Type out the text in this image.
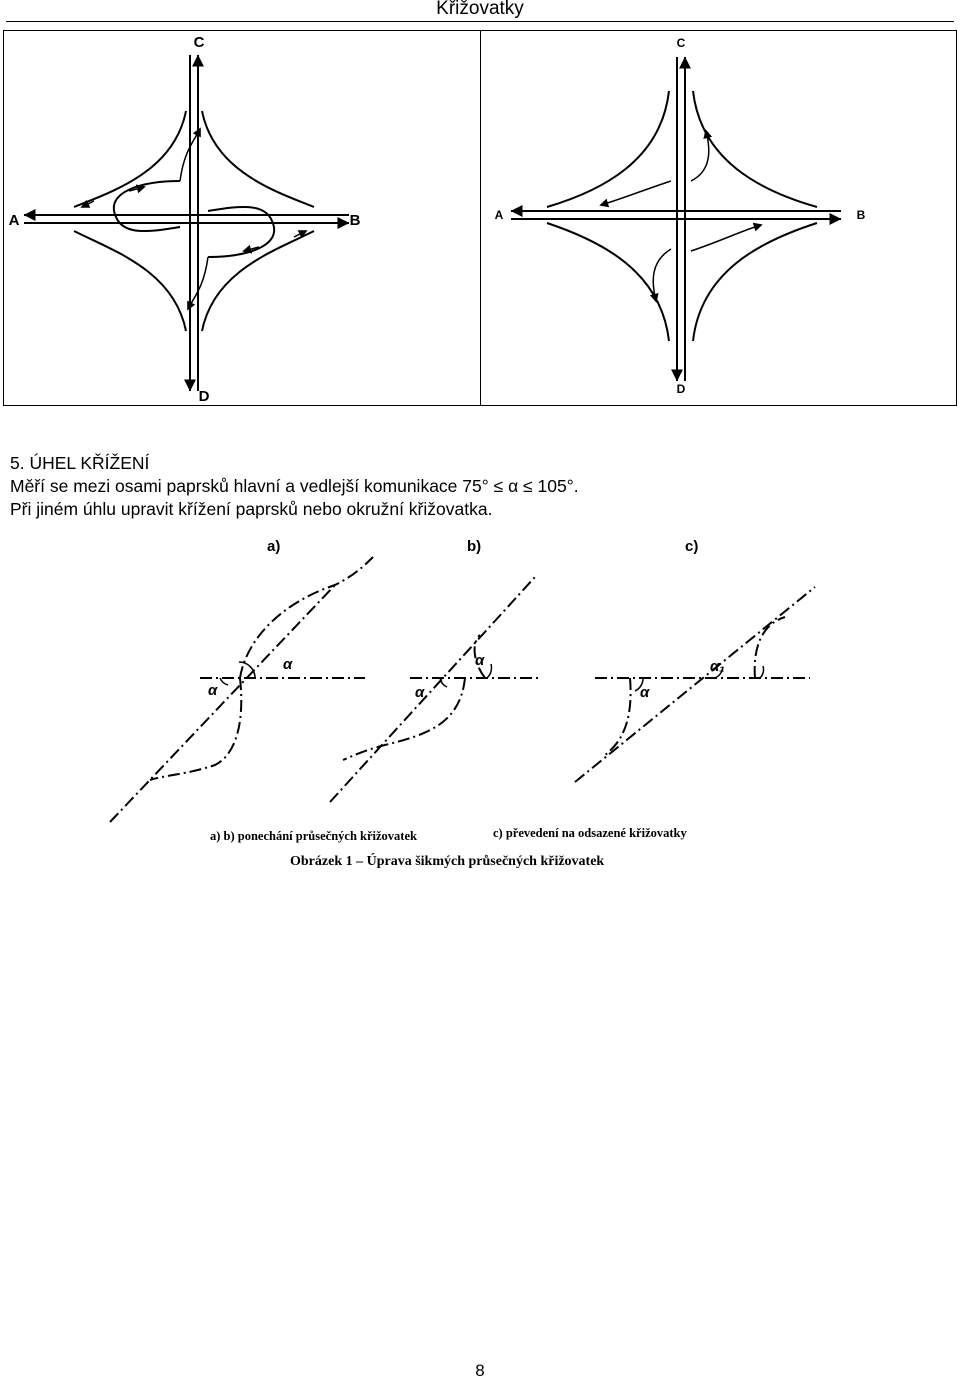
Křižovatky
C
D
A	B
C
D
A	B

5. ÚHEL KŘÍŽENÍ

Měří se mezi osami paprsků hlavní a vedlejší komunikace 75° ≤ α ≤ 105°.

Při jiném úhlu upravit křížení paprsků nebo okružní křižovatka.

a)	b)	c)
α
α
α
α	α
α₁
a) b) ponechání průsečných křižovatek	c) převedení na odsazené křižovatky
Obrázek 1 – Úprava šikmých průsečných křižovatek
8
